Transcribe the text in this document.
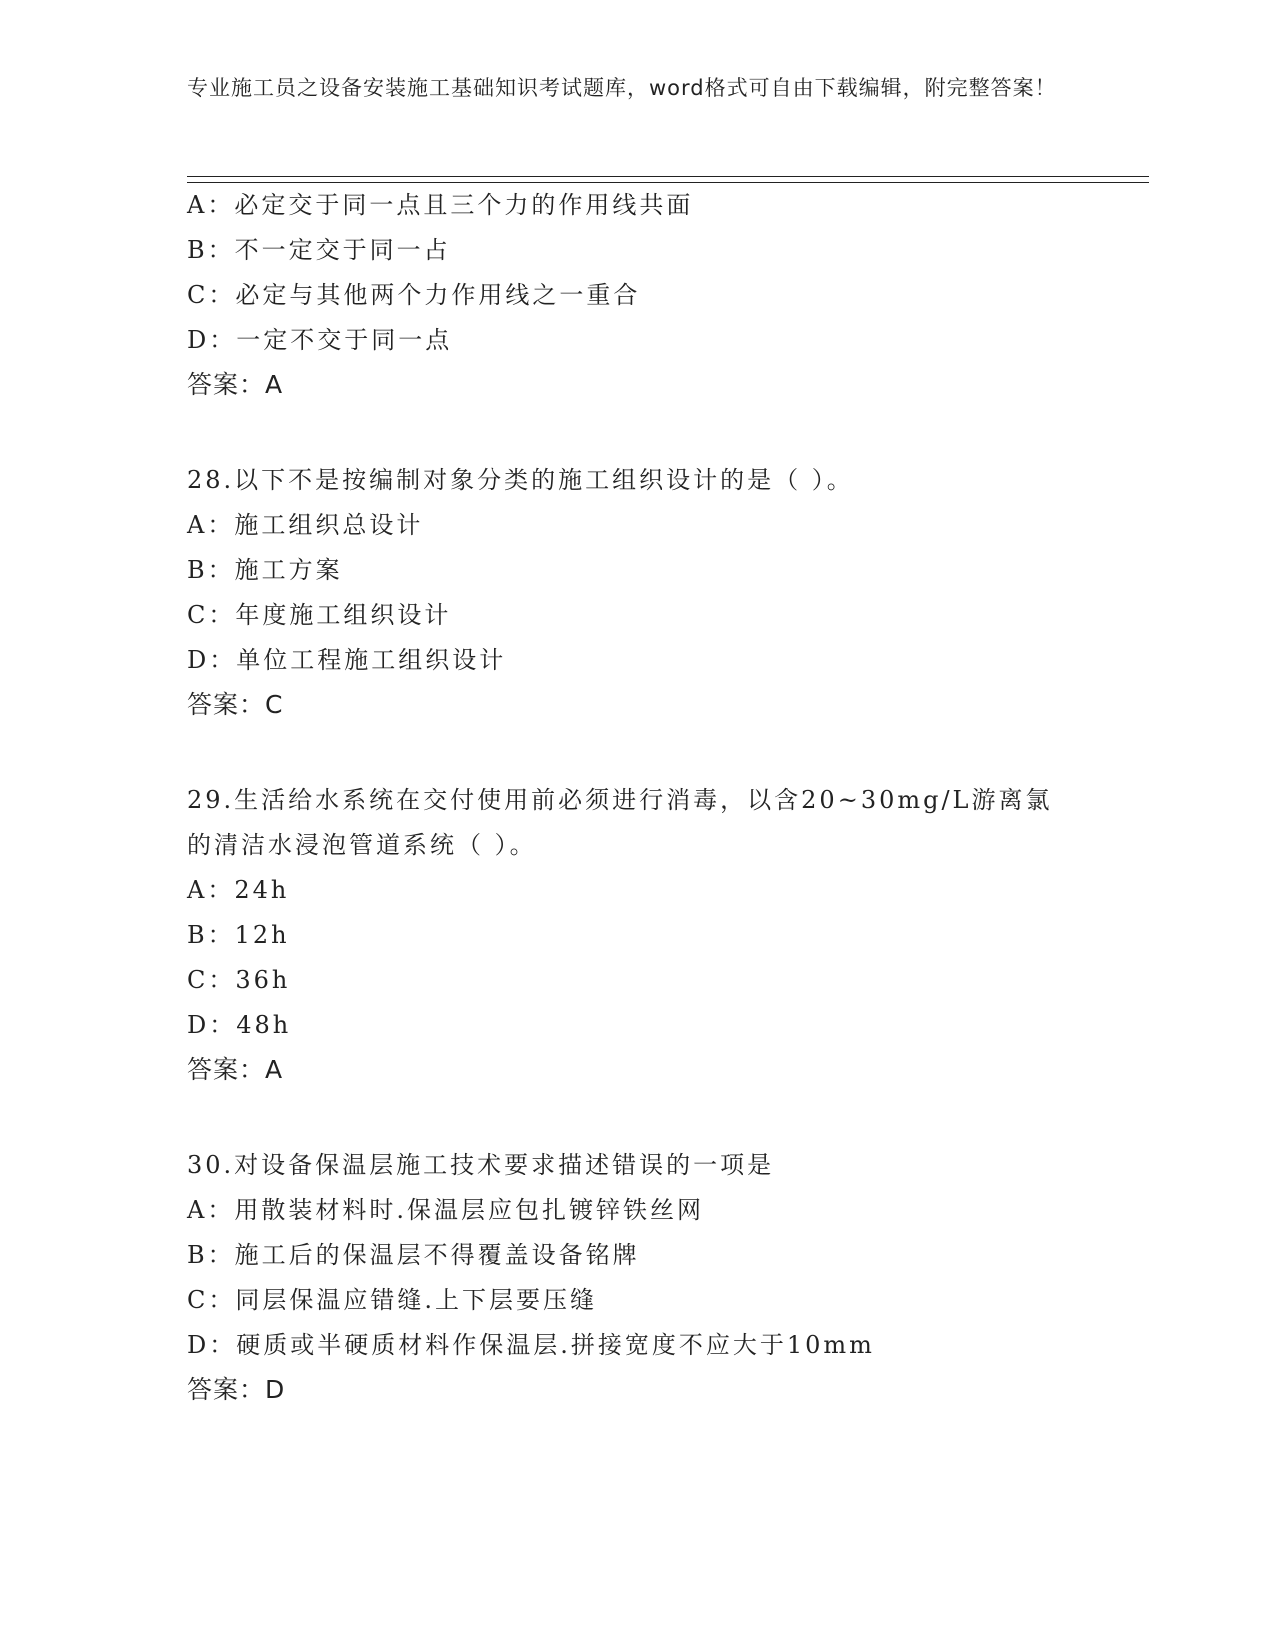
专业施工员之设备安装施工基础知识考试题库，word格式可自由下载编辑，附完整答案！
A：必定交于同一点且三个力的作用线共面
B：不一定交于同一占
C：必定与其他两个力作用线之一重合
D：一定不交于同一点
答案：A
28.以下不是按编制对象分类的施工组织设计的是（ ）。
A：施工组织总设计
B：施工方案
C：年度施工组织设计
D：单位工程施工组织设计
答案：C
29.生活给水系统在交付使用前必须进行消毒，以含20~30mg/L游离氯
的清洁水浸泡管道系统（ ）。
A：24h
B：12h
C：36h
D：48h
答案：A
30.对设备保温层施工技术要求描述错误的一项是
A：用散装材料时.保温层应包扎镀锌铁丝网
B：施工后的保温层不得覆盖设备铭牌
C：同层保温应错缝.上下层要压缝
D：硬质或半硬质材料作保温层.拼接宽度不应大于10mm
答案：D
